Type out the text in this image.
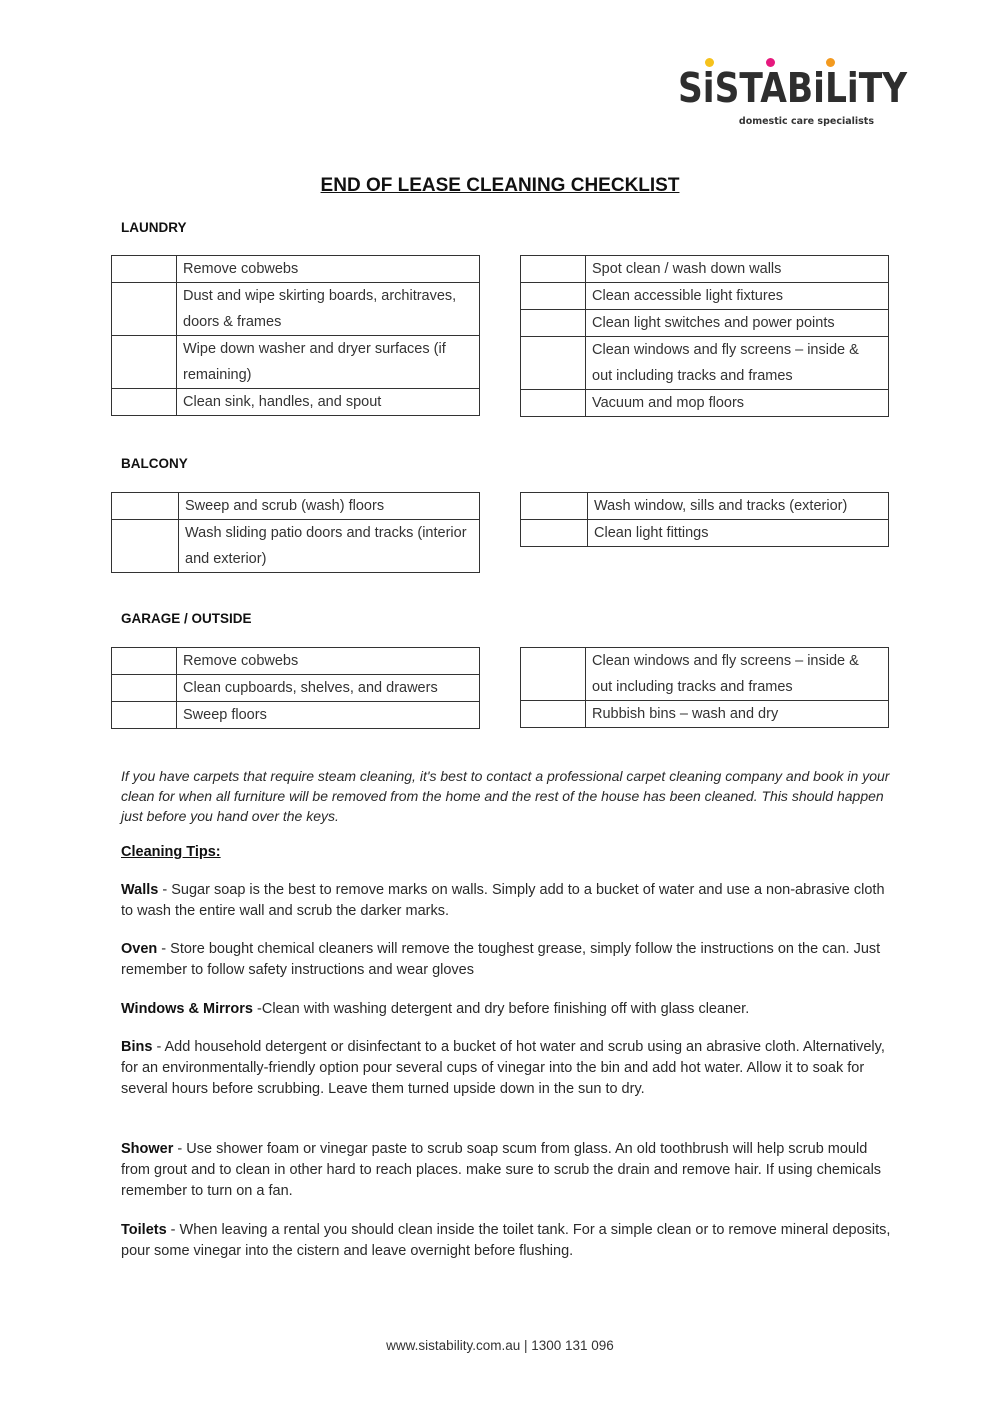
SiSTABiLiTY
domestic care specialists
END OF LEASE CLEANING CHECKLIST
LAUNDRY
	Remove cobwebs
	Dust and wipe skirting boards, architraves, doors & frames
	Wipe down washer and dryer surfaces (if remaining)
	Clean sink, handles, and spout
	Spot clean / wash down walls
	Clean accessible light fixtures
	Clean light switches and power points
	Clean windows and fly screens – inside & out including tracks and frames
	Vacuum and mop floors
BALCONY
	Sweep and scrub (wash) floors
	Wash sliding patio doors and tracks (interior and exterior)
	Wash window, sills and tracks (exterior)
	Clean light fittings
GARAGE / OUTSIDE
	Remove cobwebs
	Clean cupboards, shelves, and drawers
	Sweep floors
	Clean windows and fly screens – inside & out including tracks and frames
	Rubbish bins – wash and dry

If you have carpets that require steam cleaning, it's best to contact a professional carpet cleaning company and book in your clean for when all furniture will be removed from the home and the rest of the house has been cleaned. This should happen just before you hand over the keys.

Cleaning Tips:

Walls - Sugar soap is the best to remove marks on walls. Simply add to a bucket of water and use a non-abrasive cloth to wash the entire wall and scrub the darker marks.

Oven - Store bought chemical cleaners will remove the toughest grease, simply follow the instructions on the can. Just remember to follow safety instructions and wear gloves

Windows & Mirrors -Clean with washing detergent and dry before finishing off with glass cleaner.

Bins - Add household detergent or disinfectant to a bucket of hot water and scrub using an abrasive cloth. Alternatively, for an environmentally-friendly option pour several cups of vinegar into the bin and add hot water. Allow it to soak for several hours before scrubbing. Leave them turned upside down in the sun to dry.

Shower - Use shower foam or vinegar paste to scrub soap scum from glass. An old toothbrush will help scrub mould from grout and to clean in other hard to reach places. make sure to scrub the drain and remove hair. If using chemicals remember to turn on a fan.

Toilets - When leaving a rental you should clean inside the toilet tank. For a simple clean or to remove mineral deposits, pour some vinegar into the cistern and leave overnight before flushing.

www.sistability.com.au | 1300 131 096
